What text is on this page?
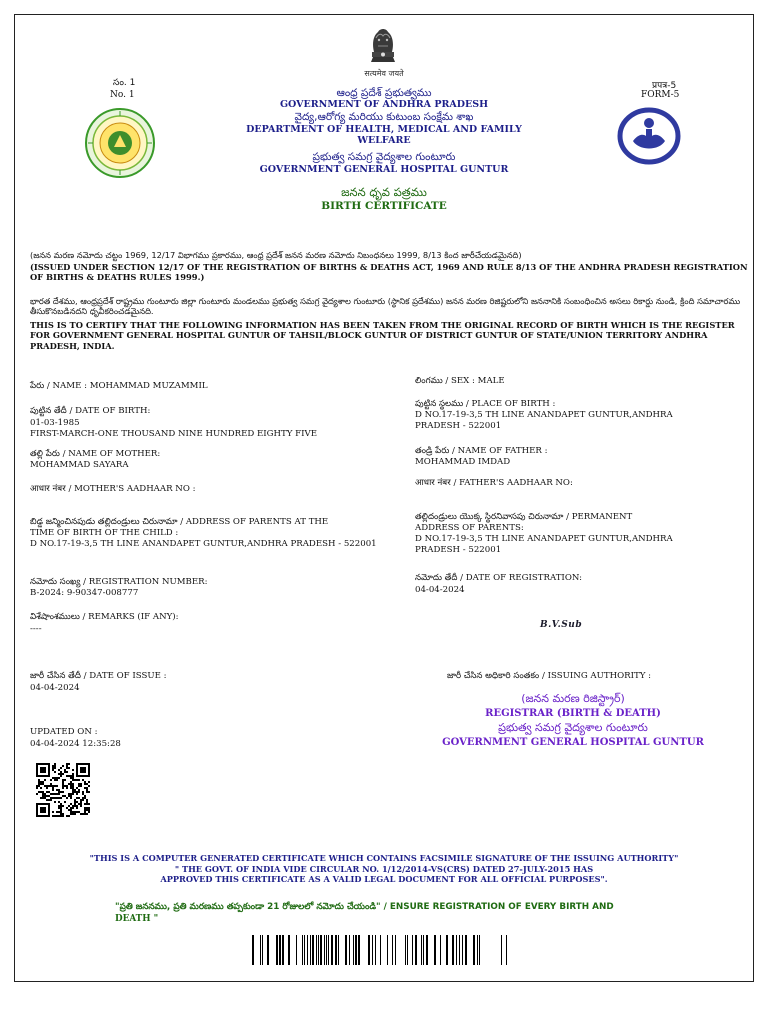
सत्यमेव जयते
సం. 1
No. 1
प्रपत्र-5
FORM-5
ఆంధ్ర ప్రదేశ్ ప్రభుత్వము
GOVERNMENT OF ANDHRA PRADESH
వైద్య,ఆరోగ్య మరియు కుటుంబ సంక్షేమ శాఖ
DEPARTMENT OF HEALTH, MEDICAL AND FAMILY
WELFARE
ప్రభుత్వ సమగ్ర వైద్యశాల గుంటూరు
GOVERNMENT GENERAL HOSPITAL GUNTUR
జనన ధృవ పత్రము
BIRTH CERTIFICATE
(జనన మరణ నమోదు చట్టం 1969, 12/17 విభాగము ప్రకారము, ఆంధ్ర ప్రదేశ్ జనన మరణ నమోదు నిబంధనలు 1999, 8/13 కింద జారీచేయడమైనది)
(ISSUED UNDER SECTION 12/17 OF THE REGISTRATION OF BIRTHS & DEATHS ACT, 1969 AND RULE 8/13 OF THE ANDHRA PRADESH REGISTRATION OF BIRTHS & DEATHS RULES 1999.)
భారత దేశము, ఆంధ్రప్రదేశ్ రాష్ట్రము గుంటూరు జిల్లా గుంటూరు మండలము ప్రభుత్వ సమగ్ర వైద్యశాల గుంటూరు (స్థానిక ప్రదేశము) జనన మరణ రిజిష్టరులోని జననానికి సంబంధించిన అసలు రికార్డు నుండి, క్రింది సమాచారము తీసుకొనబడినదని ధృవీకరించడమైనది.
THIS IS TO CERTIFY THAT THE FOLLOWING INFORMATION HAS BEEN TAKEN FROM THE ORIGINAL RECORD OF BIRTH WHICH IS THE REGISTER FOR GOVERNMENT GENERAL HOSPITAL GUNTUR OF TAHSIL/BLOCK GUNTUR OF DISTRICT GUNTUR OF STATE/UNION TERRITORY ANDHRA PRADESH, INDIA.
పేరు / NAME : MOHAMMAD MUZAMMIL
పుట్టిన తేదీ / DATE OF BIRTH:
01-03-1985
FIRST-MARCH-ONE THOUSAND NINE HUNDRED EIGHTY FIVE
తల్లి పేరు / NAME OF MOTHER:
MOHAMMAD SAYARA
आधार नंबर / MOTHER'S AADHAAR NO :
బిడ్డ జన్మించినపుడు తల్లిదండ్రులు చిరునామా / ADDRESS OF PARENTS AT THE
TIME OF BIRTH OF THE CHILD :
D NO.17-19-3,5 TH LINE ANANDAPET GUNTUR,ANDHRA PRADESH - 522001
నమోదు సంఖ్య / REGISTRATION NUMBER:
B-2024: 9-90347-008777
విశేషాంశములు / REMARKS (IF ANY):
----
జారీ చేసిన తేదీ / DATE OF ISSUE :
04-04-2024
UPDATED ON :
04-04-2024 12:35:28
లింగము / SEX : MALE
పుట్టిన స్థలము / PLACE OF BIRTH :
D NO.17-19-3,5 TH LINE ANANDAPET GUNTUR,ANDHRA
PRADESH - 522001
తండ్రి పేరు / NAME OF FATHER :
MOHAMMAD IMDAD
आधार नंबर / FATHER'S AADHAAR NO:
తల్లిదండ్రులు యొక్క స్థిరనివాసపు చిరునామా / PERMANENT
ADDRESS OF PARENTS:
D NO.17-19-3,5 TH LINE ANANDAPET GUNTUR,ANDHRA
PRADESH - 522001
నమోదు తేదీ / DATE OF REGISTRATION:
04-04-2024
B.V.Sub
జారీ చేసిన అధికారి సంతకం / ISSUING AUTHORITY :
(జనన మరణ రిజిస్ట్రార్)
REGISTRAR (BIRTH & DEATH)
ప్రభుత్వ సమగ్ర వైద్యశాల గుంటూరు
GOVERNMENT GENERAL HOSPITAL GUNTUR
"THIS IS A COMPUTER GENERATED CERTIFICATE WHICH CONTAINS FACSIMILE SIGNATURE OF THE ISSUING AUTHORITY"
" THE GOVT. OF INDIA VIDE CIRCULAR NO. 1/12/2014-VS(CRS) DATED 27-JULY-2015 HAS
APPROVED THIS CERTIFICATE AS A VALID LEGAL DOCUMENT FOR ALL OFFICIAL PURPOSES".
"ప్రతి జననము, ప్రతి మరణము తప్పకుండా 21 రోజులలో నమోదు చేయండి" / ENSURE REGISTRATION OF EVERY BIRTH AND
DEATH "
